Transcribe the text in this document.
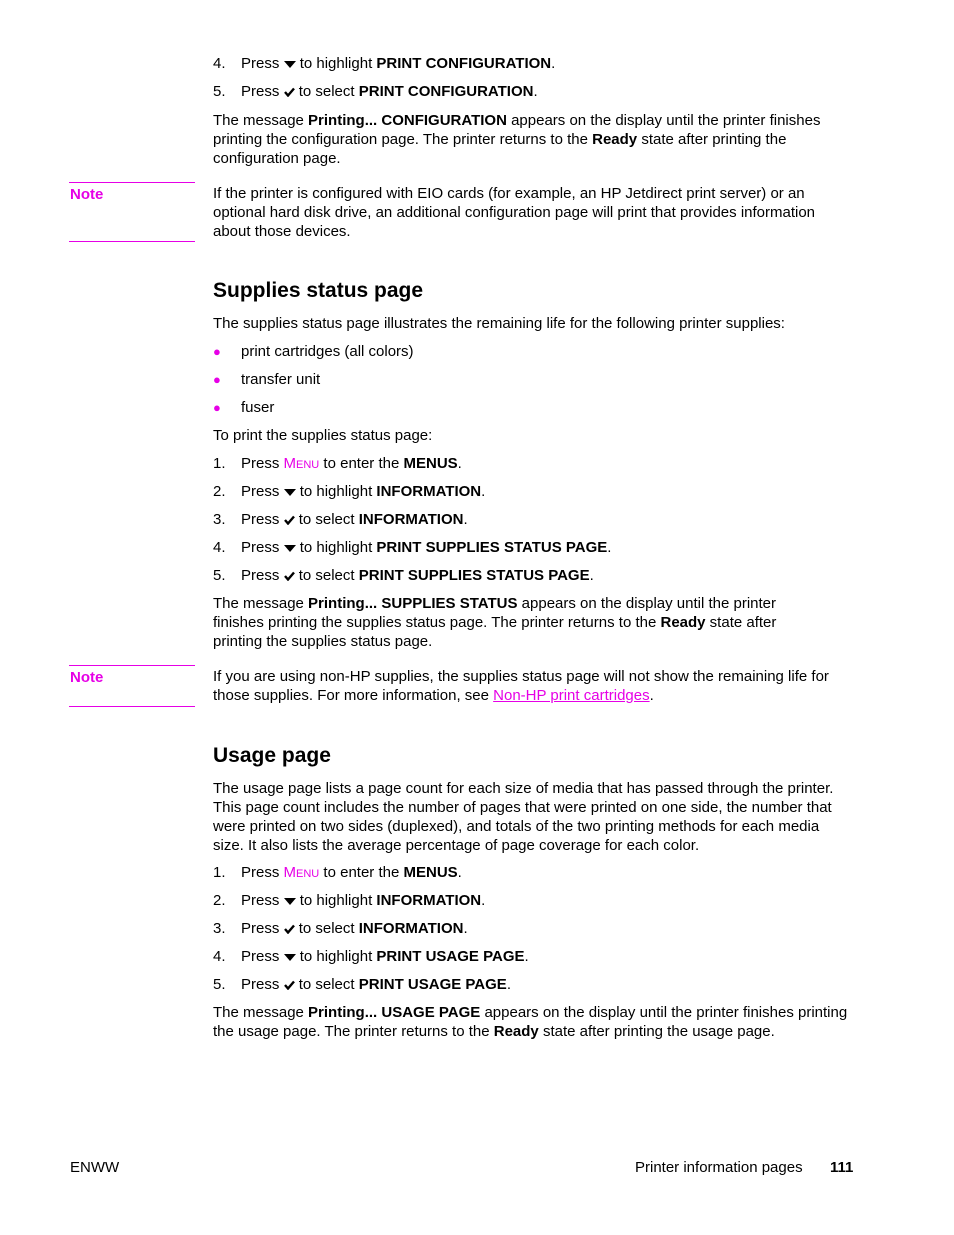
4. Press to highlight PRINT CONFIGURATION.
5. Press to select PRINT CONFIGURATION.
The message Printing... CONFIGURATION appears on the display until the printer finishes printing the configuration page. The printer returns to the Ready state after printing the configuration page.
Note	If the printer is configured with EIO cards (for example, an HP Jetdirect print server) or an optional hard disk drive, an additional configuration page will print that provides information about those devices.
Supplies status page
The supplies status page illustrates the remaining life for the following printer supplies:
● print cartridges (all colors)
● transfer unit
● fuser
To print the supplies status page:
1. Press Menu to enter the MENUS.
2. Press to highlight INFORMATION.
3. Press to select INFORMATION.
4. Press to highlight PRINT SUPPLIES STATUS PAGE.
5. Press to select PRINT SUPPLIES STATUS PAGE.
The message Printing... SUPPLIES STATUS appears on the display until the printer finishes printing the supplies status page. The printer returns to the Ready state after printing the supplies status page.
Note	If you are using non-HP supplies, the supplies status page will not show the remaining life for those supplies. For more information, see Non-HP print cartridges.
Usage page
The usage page lists a page count for each size of media that has passed through the printer. This page count includes the number of pages that were printed on one side, the number that were printed on two sides (duplexed), and totals of the two printing methods for each media size. It also lists the average percentage of page coverage for each color.
1. Press Menu to enter the MENUS.
2. Press to highlight INFORMATION.
3. Press to select INFORMATION.
4. Press to highlight PRINT USAGE PAGE.
5. Press to select PRINT USAGE PAGE.
The message Printing... USAGE PAGE appears on the display until the printer finishes printing the usage page. The printer returns to the Ready state after printing the usage page.
ENWW	Printer information pages 111
